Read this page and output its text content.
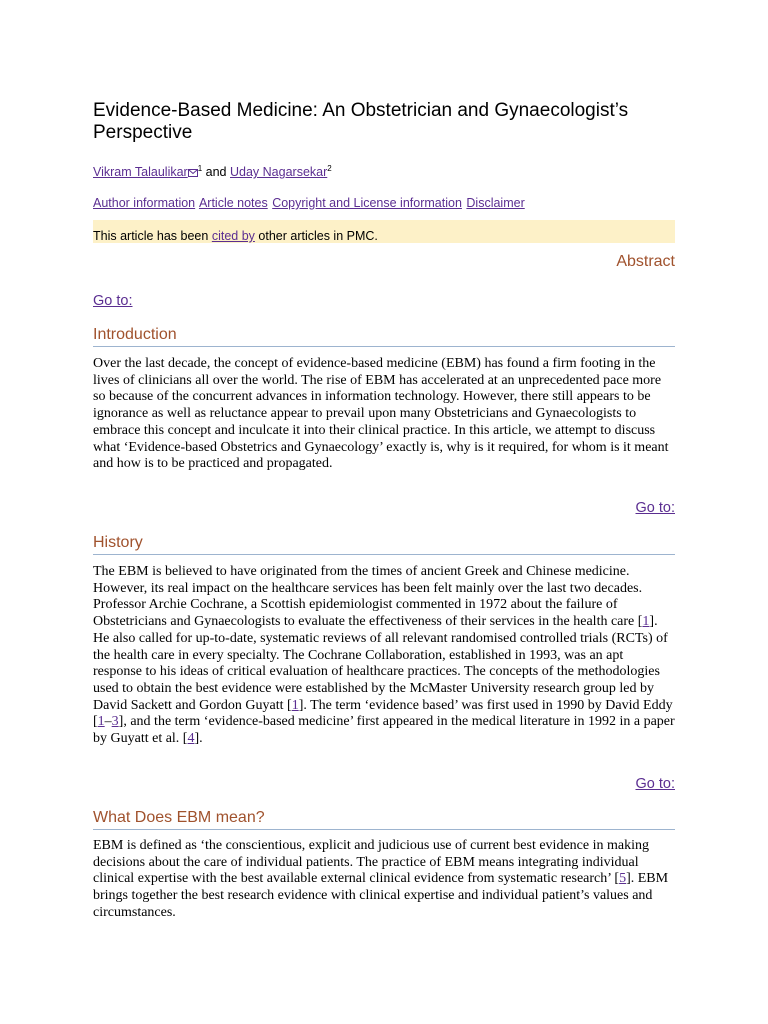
Evidence-Based Medicine: An Obstetrician and Gynaecologist’s Perspective
Vikram Talaulikar $^1$ and Uday Nagarsekar$^2$
Author information Article notes Copyright and License information Disclaimer
This article has been cited by other articles in PMC.
Abstract
Go to:
Introduction

Over the last decade, the concept of evidence-based medicine (EBM) has found a firm footing in the lives of clinicians all over the world. The rise of EBM has accelerated at an unprecedented pace more so because of the concurrent advances in information technology. However, there still appears to be ignorance as well as reluctance appear to prevail upon many Obstetricians and Gynaecologists to embrace this concept and inculcate it into their clinical practice. In this article, we attempt to discuss what ‘Evidence-based Obstetrics and Gynaecology’ exactly is, why is it required, for whom is it meant and how is to be practiced and propagated.

Go to:
History

The EBM is believed to have originated from the times of ancient Greek and Chinese medicine. However, its real impact on the healthcare services has been felt mainly over the last two decades. Professor Archie Cochrane, a Scottish epidemiologist commented in 1972 about the failure of Obstetricians and Gynaecologists to evaluate the effectiveness of their services in the health care [1]. He also called for up-to-date, systematic reviews of all relevant randomised controlled trials (RCTs) of the health care in every specialty. The Cochrane Collaboration, established in 1993, was an apt response to his ideas of critical evaluation of healthcare practices. The concepts of the methodologies used to obtain the best evidence were established by the McMaster University research group led by David Sackett and Gordon Guyatt [1]. The term ‘evidence based’ was first used in 1990 by David Eddy [1–3], and the term ‘evidence-based medicine’ first appeared in the medical literature in 1992 in a paper by Guyatt et al. [4].

Go to:
What Does EBM mean?

EBM is defined as ‘the conscientious, explicit and judicious use of current best evidence in making decisions about the care of individual patients. The practice of EBM means integrating individual clinical expertise with the best available external clinical evidence from systematic research’ [5]. EBM brings together the best research evidence with clinical expertise and individual patient’s values and circumstances.
